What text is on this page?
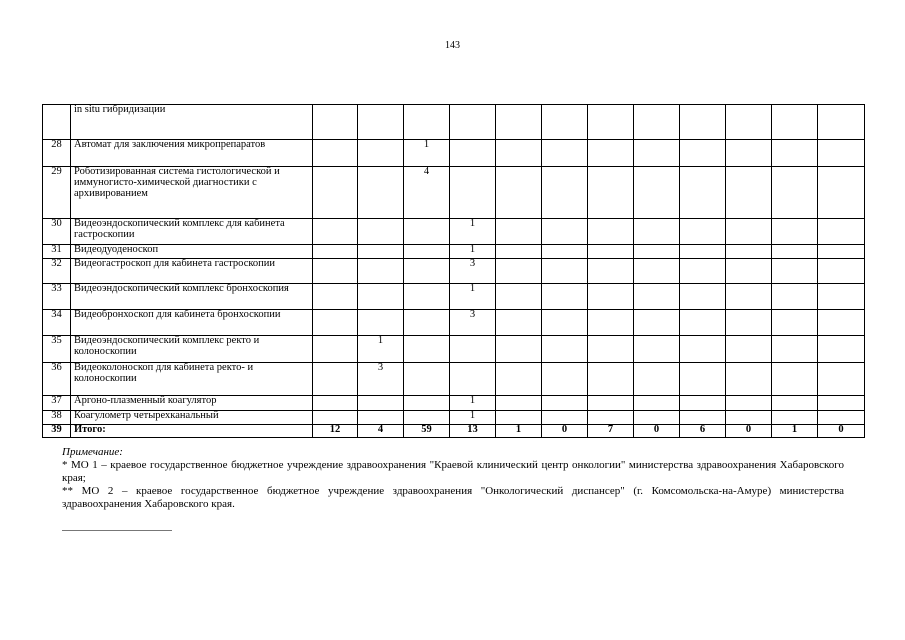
143
	in situ гибридизации												
28	Автомат для заключения микропрепаратов			1									
29	Роботизированная система гистологической и иммуногисто-химической диагностики с архивированием			4									
30	Видеоэндоскопический комплекс для кабинета гастроскопии				1								
31	Видеодуоденоскоп				1								
32	Видеогастроскоп для кабинета гастроскопии				3								
33	Видеоэндоскопический комплекс бронхоскопия				1								
34	Видеобронхоскоп для кабинета бронхоскопии				3								
35	Видеоэндоскопический комплекс ректо и колоноскопии		1										
36	Видеоколоноскоп для кабинета ректо- и колоноскопии		3										
37	Аргоно-плазменный коагулятор				1								
38	Коагулометр четырехканальный				1								
39	Итого:	12	4	59	13	1	0	7	0	6	0	1	0
Примечание:
* МО 1 – краевое государственное бюджетное учреждение здравоохранения "Краевой клинический центр онкологии" министерства здравоохранения Хабаровского края;
** МО 2 – краевое государственное бюджетное учреждение здравоохранения "Онкологический диспансер" (г. Комсомольска-на-Амуре) министерства здравоохранения Хабаровского края.
